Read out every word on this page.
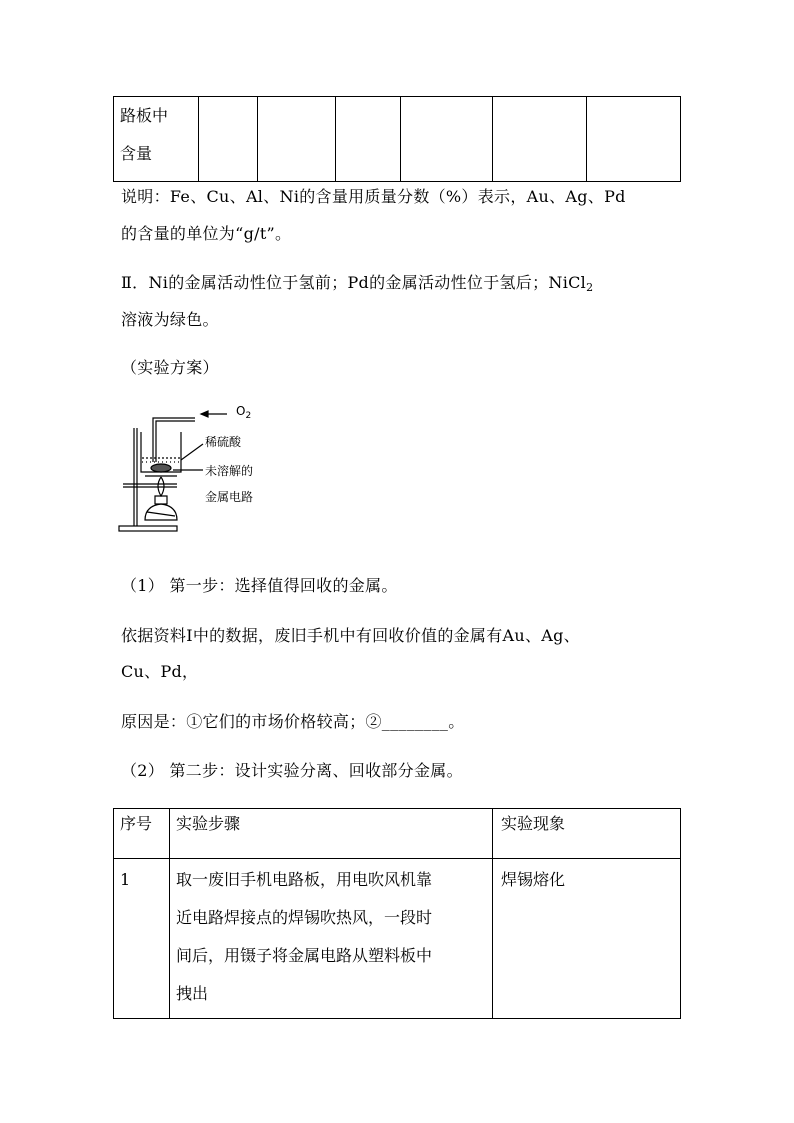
路板中
含量

说明：Fe、Cu、Al、Ni的含量用质量分数（%）表示，Au、Ag、Pd
的含量的单位为“g/t”。
Ⅱ．Ni的金属活动性位于氢前；Pd的金属活动性位于氢后；NiCl$_2$
溶液为绿色。
（实验方案）
$O_2$
稀硫酸
未溶解的
金属电路
（1） 第一步：选择值得回收的金属。
依据资料Ⅰ中的数据，废旧手机中有回收价值的金属有Au、Ag、
Cu、Pd，
原因是：①它们的市场价格较高；②________。
（2） 第二步：设计实验分离、回收部分金属。
序号	实验步骤	实验现象

1	取一废旧手机电路板，用电吹风机靠
近电路焊接点的焊锡吹热风，一段时
间后，用镊子将金属电路从塑料板中
拽出	焊锡熔化
